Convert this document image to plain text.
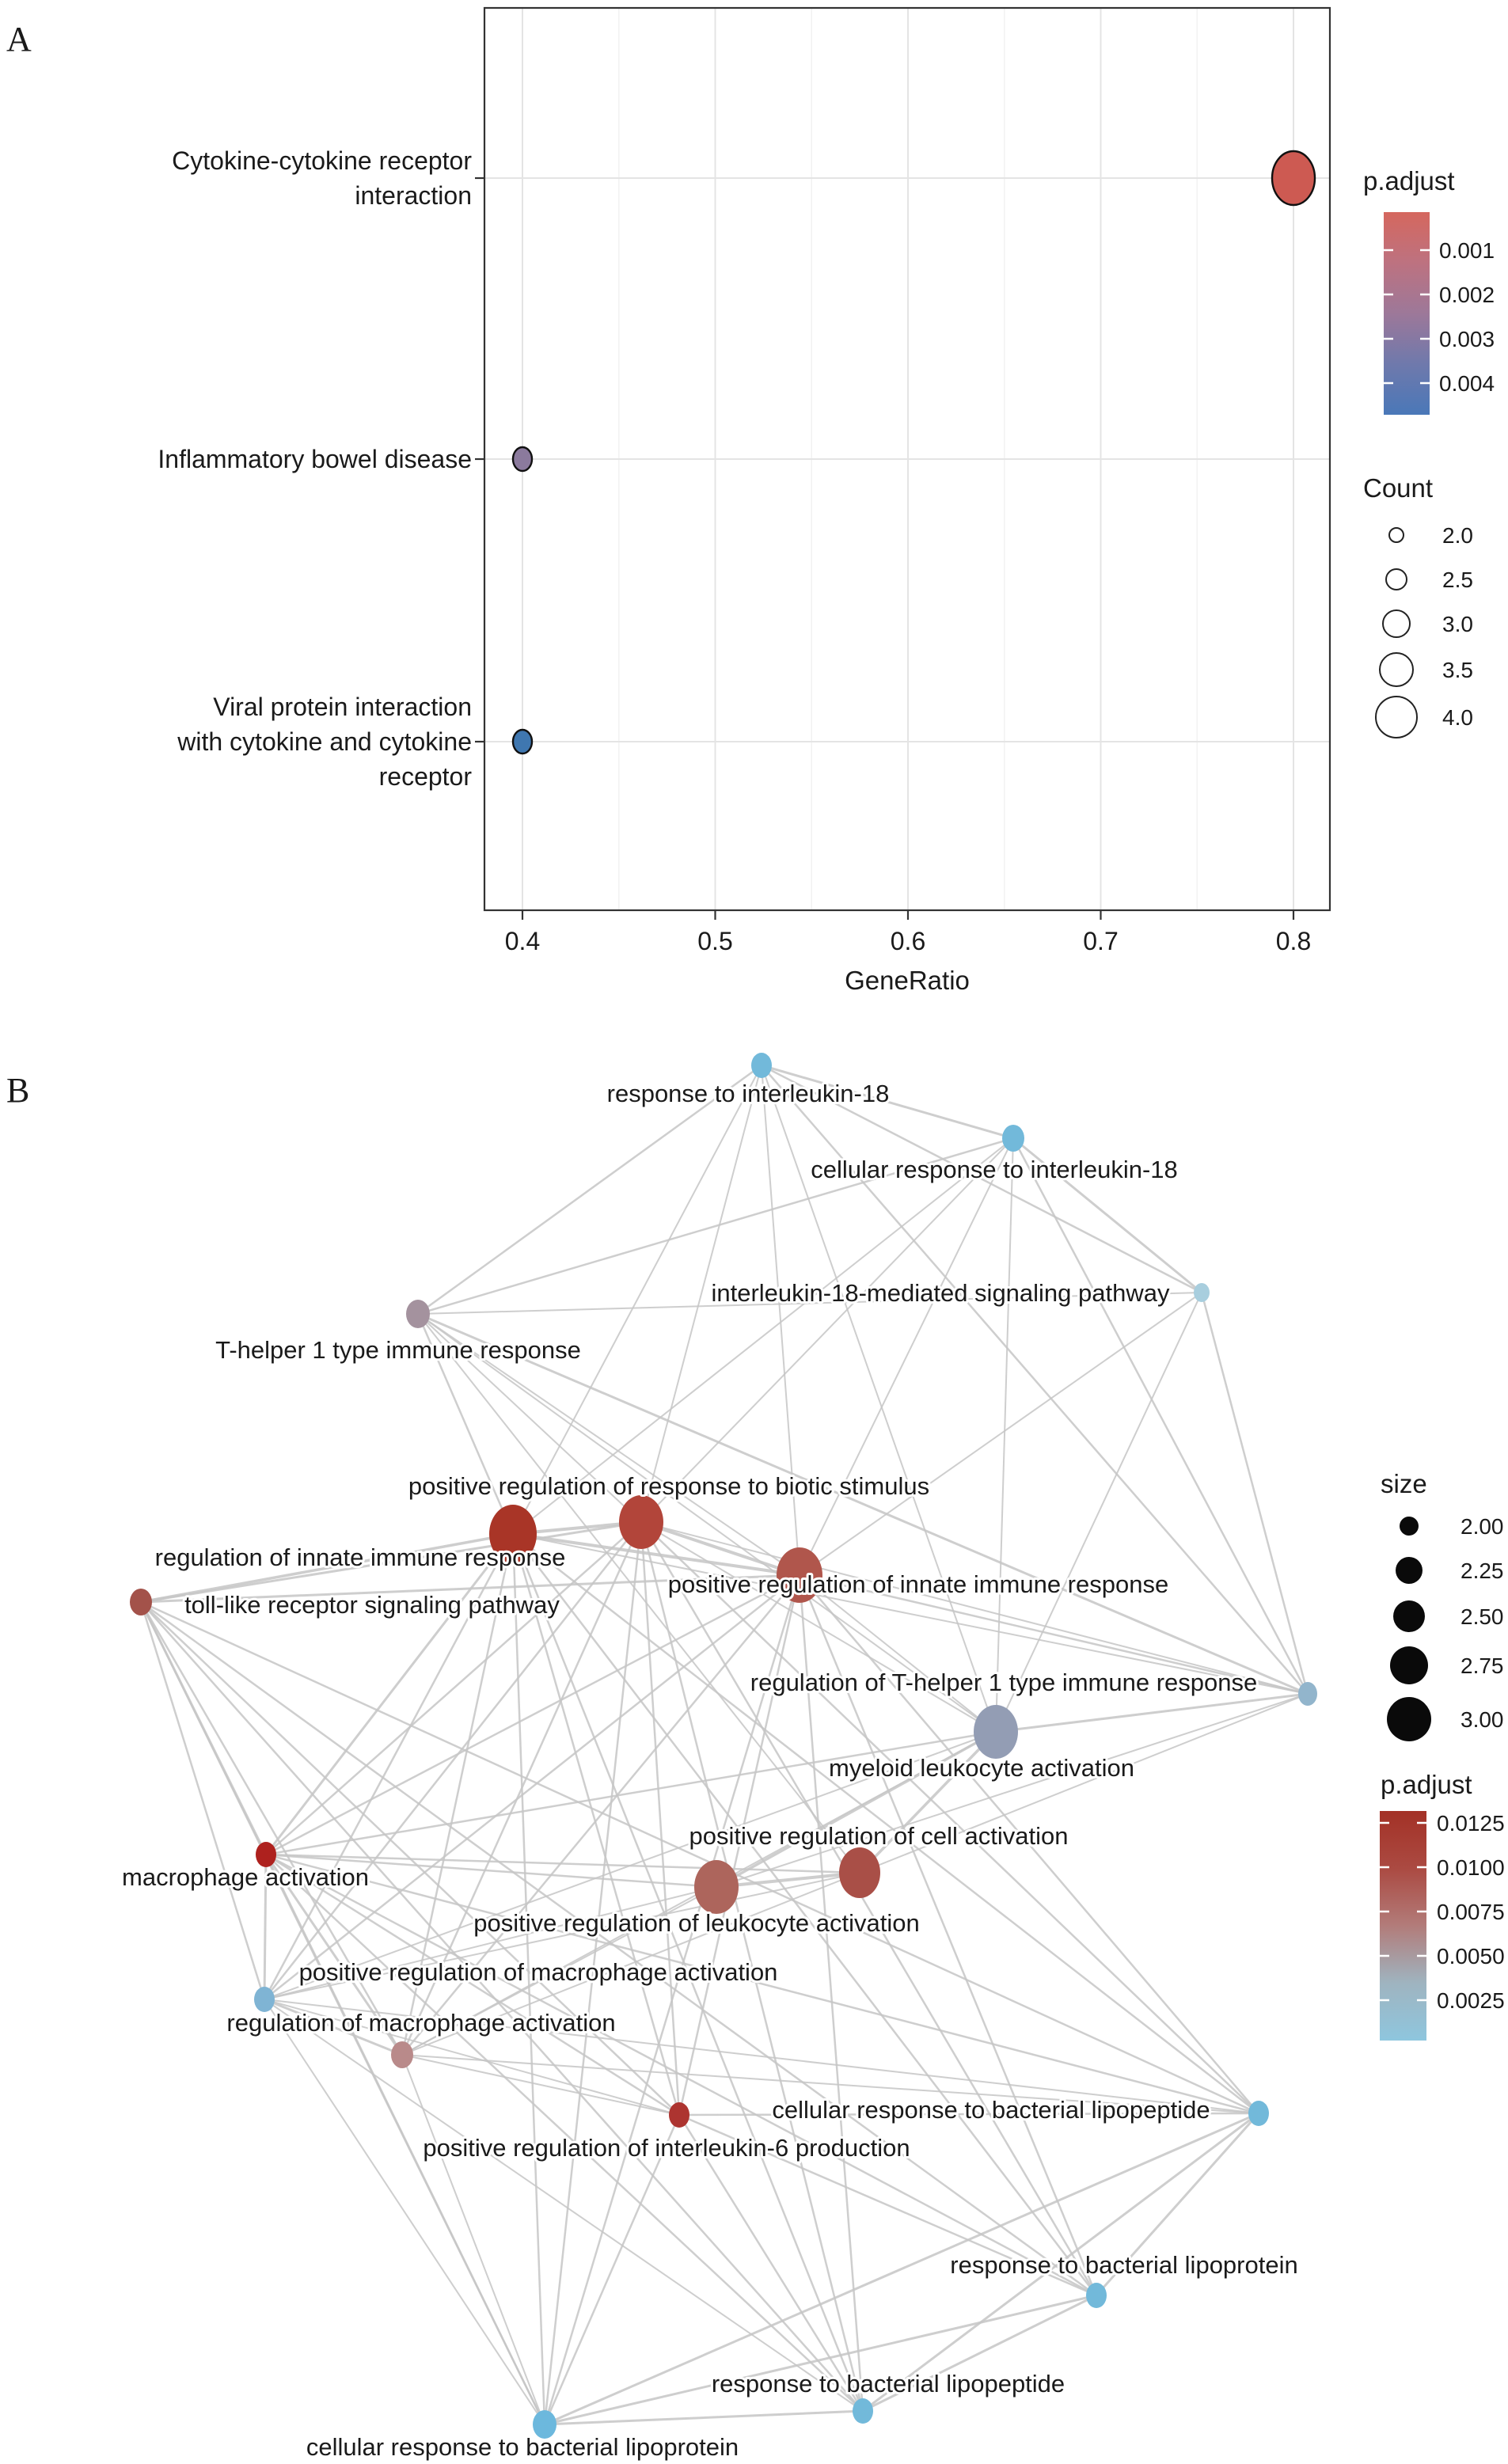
A
B
0.4	0.5	0.6	0.7	0.8
GeneRatio
Cytokine-cytokine receptor
interaction
Inflammatory bowel disease
Viral protein interaction
with cytokine and cytokine
receptor
p.adjust
0.001
0.002
0.003
0.004
Count
2.0
2.5
3.0
3.5
4.0
response to interleukin-18
cellular response to interleukin-18
interleukin-18-mediated signaling pathway
T-helper 1 type immune response
positive regulation of response to biotic stimulus
regulation of innate immune response
positive regulation of innate immune response
toll-like receptor signaling pathway
regulation of T-helper 1 type immune response
myeloid leukocyte activation
positive regulation of cell activation
macrophage activation
positive regulation of leukocyte activation
positive regulation of macrophage activation
regulation of macrophage activation
cellular response to bacterial lipopeptide
positive regulation of interleukin-6 production
response to bacterial lipoprotein
response to bacterial lipopeptide
cellular response to bacterial lipoprotein
size
2.00
2.25
2.50
2.75
3.00
p.adjust
0.0125
0.0100
0.0075
0.0050
0.0025
